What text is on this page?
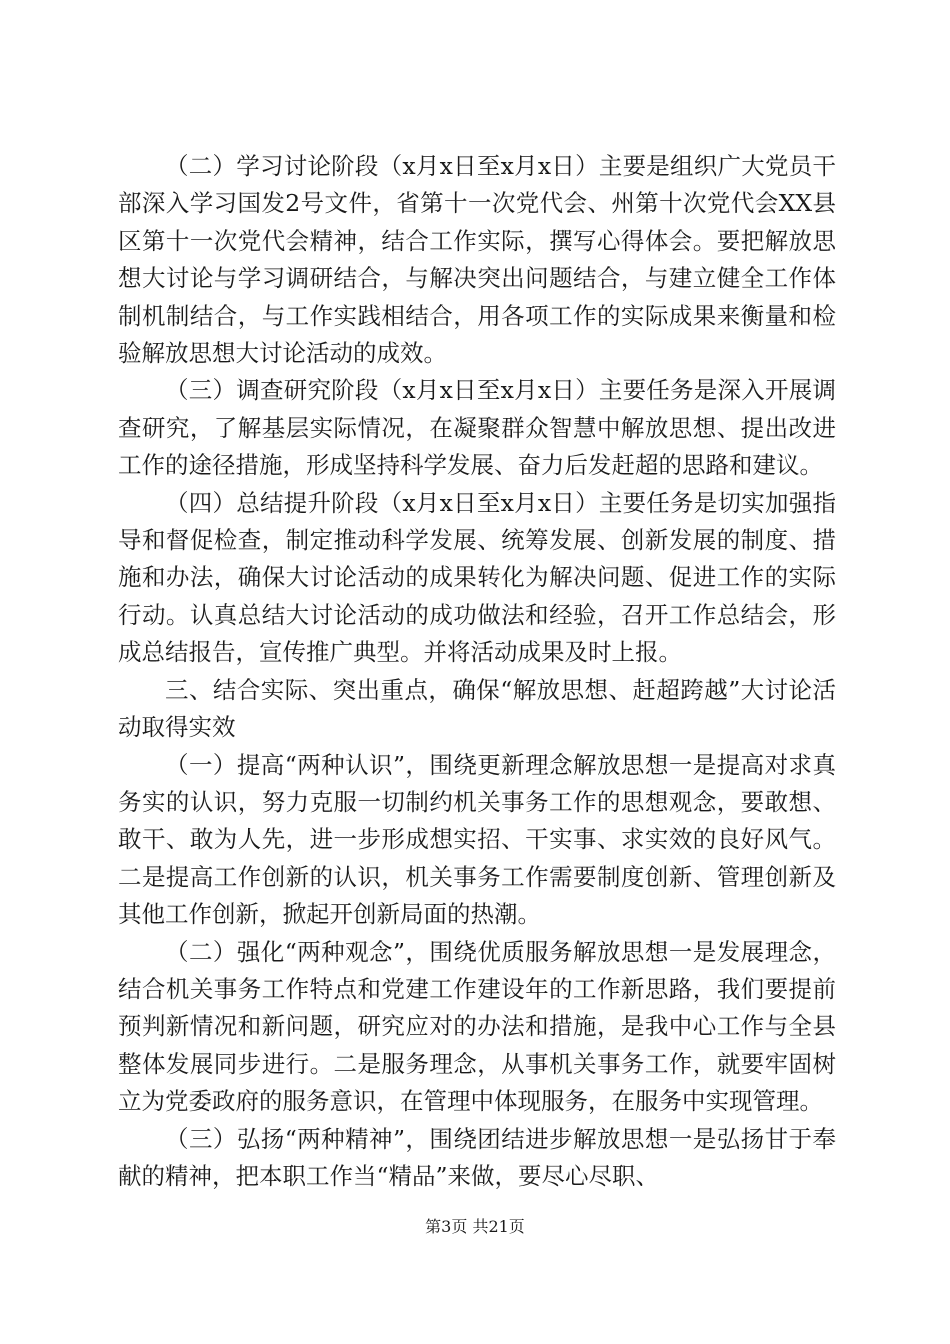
（二）学习讨论阶段（x月x日至x月x日）主要是组织广大党员干部深入学习国发2号文件，省第十一次党代会、州第十次党代会XX县区第十一次党代会精神，结合工作实际，撰写心得体会。要把解放思想大讨论与学习调研结合，与解决突出问题结合，与建立健全工作体制机制结合，与工作实践相结合，用各项工作的实际成果来衡量和检验解放思想大讨论活动的成效。

（三）调查研究阶段（x月x日至x月x日）主要任务是深入开展调查研究，了解基层实际情况，在凝聚群众智慧中解放思想、提出改进工作的途径措施，形成坚持科学发展、奋力后发赶超的思路和建议。

（四）总结提升阶段（x月x日至x月x日）主要任务是切实加强指导和督促检查，制定推动科学发展、统筹发展、创新发展的制度、措施和办法，确保大讨论活动的成果转化为解决问题、促进工作的实际行动。认真总结大讨论活动的成功做法和经验，召开工作总结会，形成总结报告，宣传推广典型。并将活动成果及时上报。

三、结合实际、突出重点，确保“解放思想、赶超跨越”大讨论活动取得实效

（一）提高“两种认识”，围绕更新理念解放思想一是提高对求真务实的认识，努力克服一切制约机关事务工作的思想观念，要敢想、敢干、敢为人先，进一步形成想实招、干实事、求实效的良好风气。二是提高工作创新的认识，机关事务工作需要制度创新、管理创新及其他工作创新，掀起开创新局面的热潮。

（二）强化“两种观念”，围绕优质服务解放思想一是发展理念，结合机关事务工作特点和党建工作建设年的工作新思路，我们要提前预判新情况和新问题，研究应对的办法和措施，是我中心工作与全县整体发展同步进行。二是服务理念，从事机关事务工作，就要牢固树立为党委政府的服务意识，在管理中体现服务，在服务中实现管理。

（三）弘扬“两种精神”，围绕团结进步解放思想一是弘扬甘于奉献的精神，把本职工作当“精品”来做，要尽心尽职、

第3页 共21页
